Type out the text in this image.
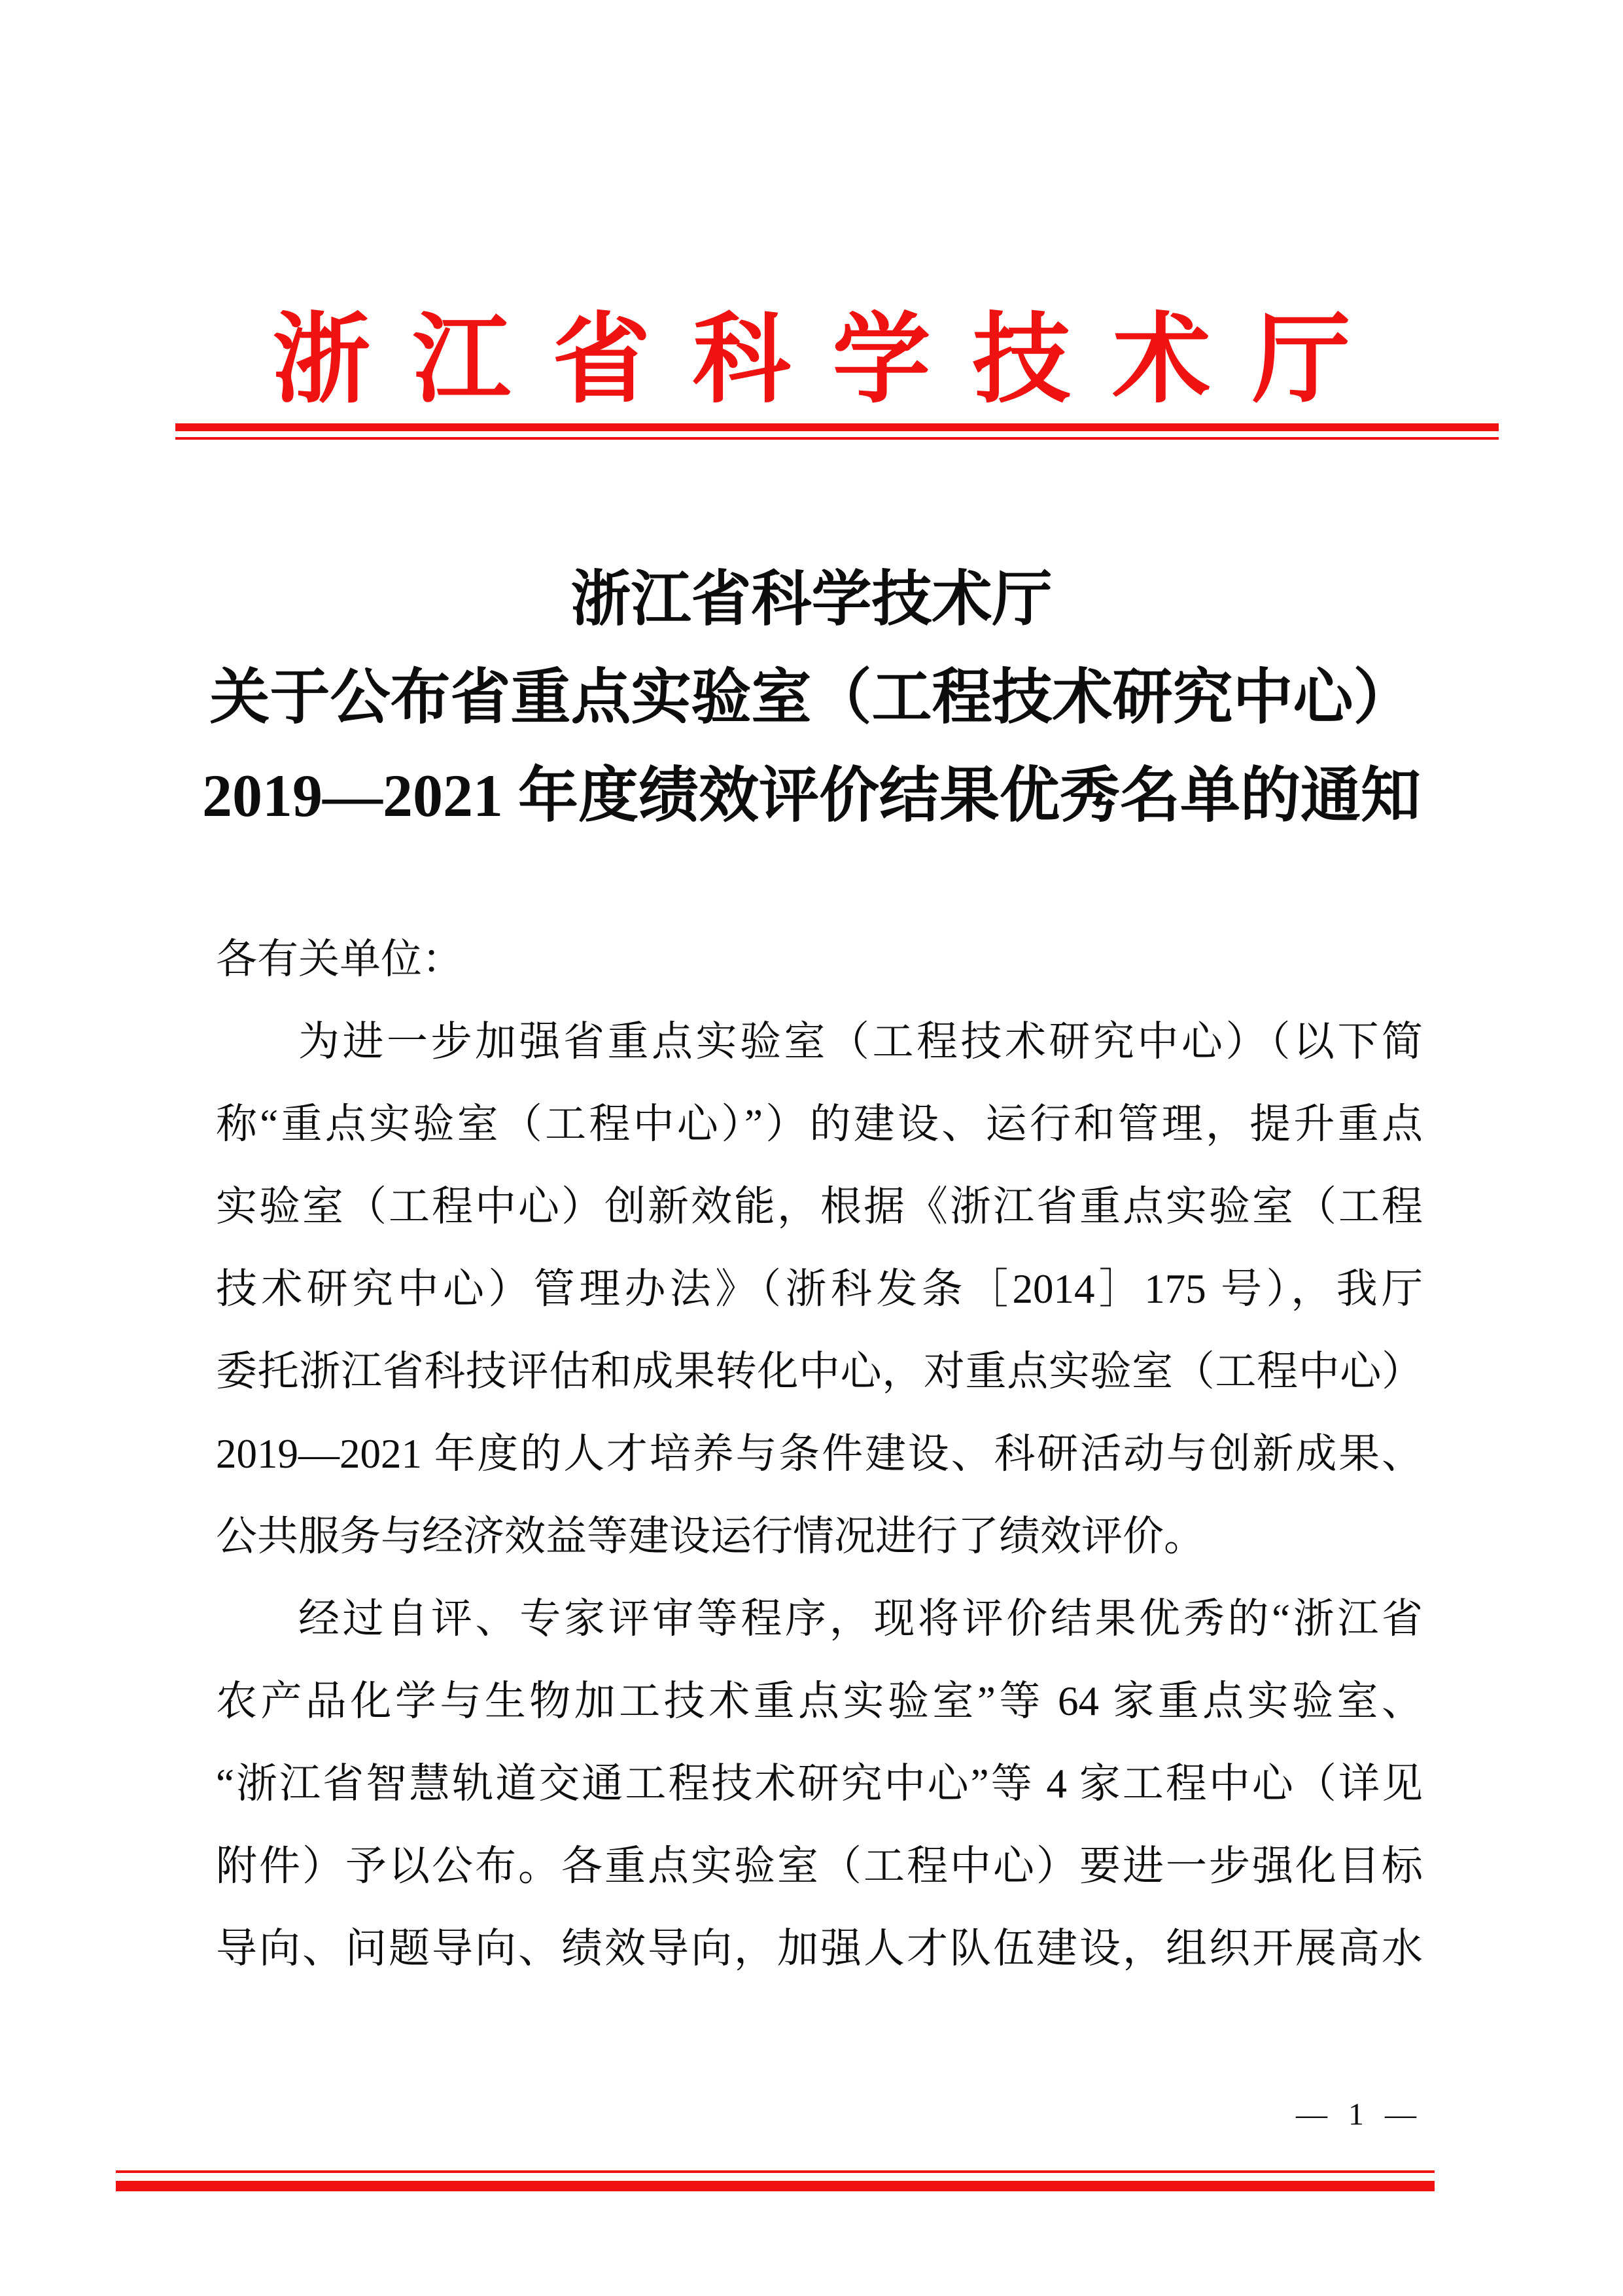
浙江省科学技术厅
浙江省科学技术厅
关于公布省重点实验室（工程技术研究中心）
2019—2021 年度绩效评价结果优秀名单的通知
各有关单位：
为进一步加强省重点实验室（工程技术研究中心）（以下简
称“重点实验室（工程中心）”）的建设、运行和管理，提升重点
实验室（工程中心）创新效能，根据《浙江省重点实验室（工程
技术研究中心）管理办法》（浙科发条［2014］175 号），我厅
委托浙江省科技评估和成果转化中心，对重点实验室（工程中心）
2019—2021 年度的人才培养与条件建设、科研活动与创新成果、
公共服务与经济效益等建设运行情况进行了绩效评价。
经过自评、专家评审等程序，现将评价结果优秀的“浙江省
农产品化学与生物加工技术重点实验室”等 64 家重点实验室、
“浙江省智慧轨道交通工程技术研究中心”等 4 家工程中心（详见
附件）予以公布。各重点实验室（工程中心）要进一步强化目标
导向、问题导向、绩效导向，加强人才队伍建设，组织开展高水
— 1 —
